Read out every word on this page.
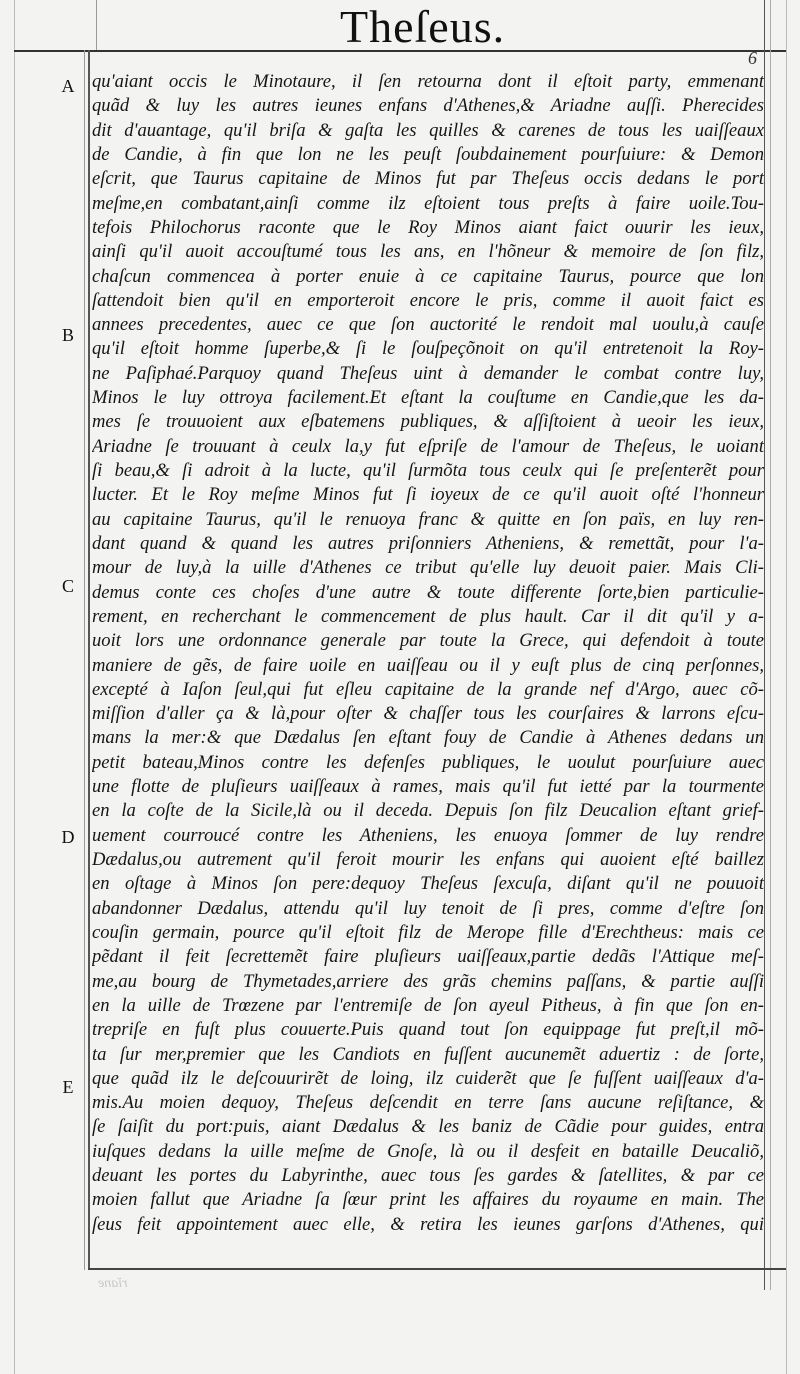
Theſeus.
6
A
B
C
D
E
qu'aiant occis le Minotaure, il ſen retourna dont il eſtoit party, emmenant
quãd & luy les autres ieunes enfans d'Athenes,& Ariadne auſſi. Pherecides
dit d'auantage, qu'il briſa & gaſta les quilles & carenes de tous les uaiſſeaux
de Candie, à fin que lon ne les peuſt ſoubdainement pourſuiure: & Demon
eſcrit, que Taurus capitaine de Minos fut par Theſeus occis dedans le port
meſme,en combatant,ainſi comme ilz eſtoient tous preſts à faire uoile.Tou-
tefois Philochorus raconte que le Roy Minos aiant faict ouurir les ieux,
ainſi qu'il auoit accouſtumé tous les ans, en l'hõneur & memoire de ſon filz,
chaſcun commencea à porter enuie à ce capitaine Taurus, pource que lon
ſattendoit bien qu'il en emporteroit encore le pris, comme il auoit faict es
annees precedentes, auec ce que ſon auctorité le rendoit mal uoulu,à cauſe
qu'il eſtoit homme ſuperbe,& ſi le ſouſpeçõnoit on qu'il entretenoit la Roy-
ne Paſiphaé.Parquoy quand Theſeus uint à demander le combat contre luy,
Minos le luy ottroya facilement.Et eſtant la couſtume en Candie,que les da-
mes ſe trouuoient aux eſbatemens publiques, & aſſiſtoient à ueoir les ieux,
Ariadne ſe trouuant à ceulx la,y fut eſpriſe de l'amour de Theſeus, le uoiant
ſi beau,& ſi adroit à la lucte, qu'il ſurmõta tous ceulx qui ſe preſenterẽt pour
lucter. Et le Roy meſme Minos fut ſi ioyeux de ce qu'il auoit oſté l'honneur
au capitaine Taurus, qu'il le renuoya franc & quitte en ſon païs, en luy ren-
dant quand & quand les autres priſonniers Atheniens, & remettãt, pour l'a-
mour de luy,à la uille d'Athenes ce tribut qu'elle luy deuoit paier. Mais Cli-
demus conte ces choſes d'une autre & toute differente ſorte,bien particulie-
rement, en recherchant le commencement de plus hault. Car il dit qu'il y a-
uoit lors une ordonnance generale par toute la Grece, qui defendoit à toute
maniere de gẽs, de faire uoile en uaiſſeau ou il y euſt plus de cinq perſonnes,
excepté à Iaſon ſeul,qui fut eſleu capitaine de la grande nef d'Argo, auec cõ-
miſſion d'aller ça & là,pour oſter & chaſſer tous les courſaires & larrons eſcu-
mans la mer:& que Dædalus ſen eſtant fouy de Candie à Athenes dedans un
petit bateau,Minos contre les defenſes publiques, le uoulut pourſuiure auec
une flotte de pluſieurs uaiſſeaux à rames, mais qu'il fut ietté par la tourmente
en la coſte de la Sicile,là ou il deceda. Depuis ſon filz Deucalion eſtant grief-
uement courroucé contre les Atheniens, les enuoya ſommer de luy rendre
Dædalus,ou autrement qu'il feroit mourir les enfans qui auoient eſté baillez
en oſtage à Minos ſon pere:dequoy Theſeus ſexcuſa, diſant qu'il ne pouuoit
abandonner Dædalus, attendu qu'il luy tenoit de ſi pres, comme d'eſtre ſon
couſin germain, pource qu'il eſtoit filz de Merope fille d'Erechtheus: mais ce
pẽdant il feit ſecrettemẽt faire pluſieurs uaiſſeaux,partie dedãs l'Attique meſ-
me,au bourg de Thymetades,arriere des grãs chemins paſſans, & partie auſſi
en la uille de Trœzene par l'entremiſe de ſon ayeul Pitheus, à fin que ſon en-
trepriſe en fuſt plus couuerte.Puis quand tout ſon equippage fut preſt,il mõ-
ta ſur mer,premier que les Candiots en fuſſent aucunemẽt aduertiz : de ſorte,
que quãd ilz le deſcouurirẽt de loing, ilz cuiderẽt que ſe fuſſent uaiſſeaux d'a-
mis.Au moien dequoy, Theſeus deſcendit en terre ſans aucune reſiſtance, &
ſe ſaiſit du port:puis, aiant Dædalus & les baniz de Cãdie pour guides, entra
iuſques dedans la uille meſme de Gnoſe, là ou il desfeit en bataille Deucaliõ,
deuant les portes du Labyrinthe, auec tous ſes gardes & ſatellites, & par ce
moien fallut que Ariadne ſa ſœur print les affaires du royaume en main. The
ſeus feit appointement auec elle, & retira les ieunes garſons d'Athenes, qui
rĭane
